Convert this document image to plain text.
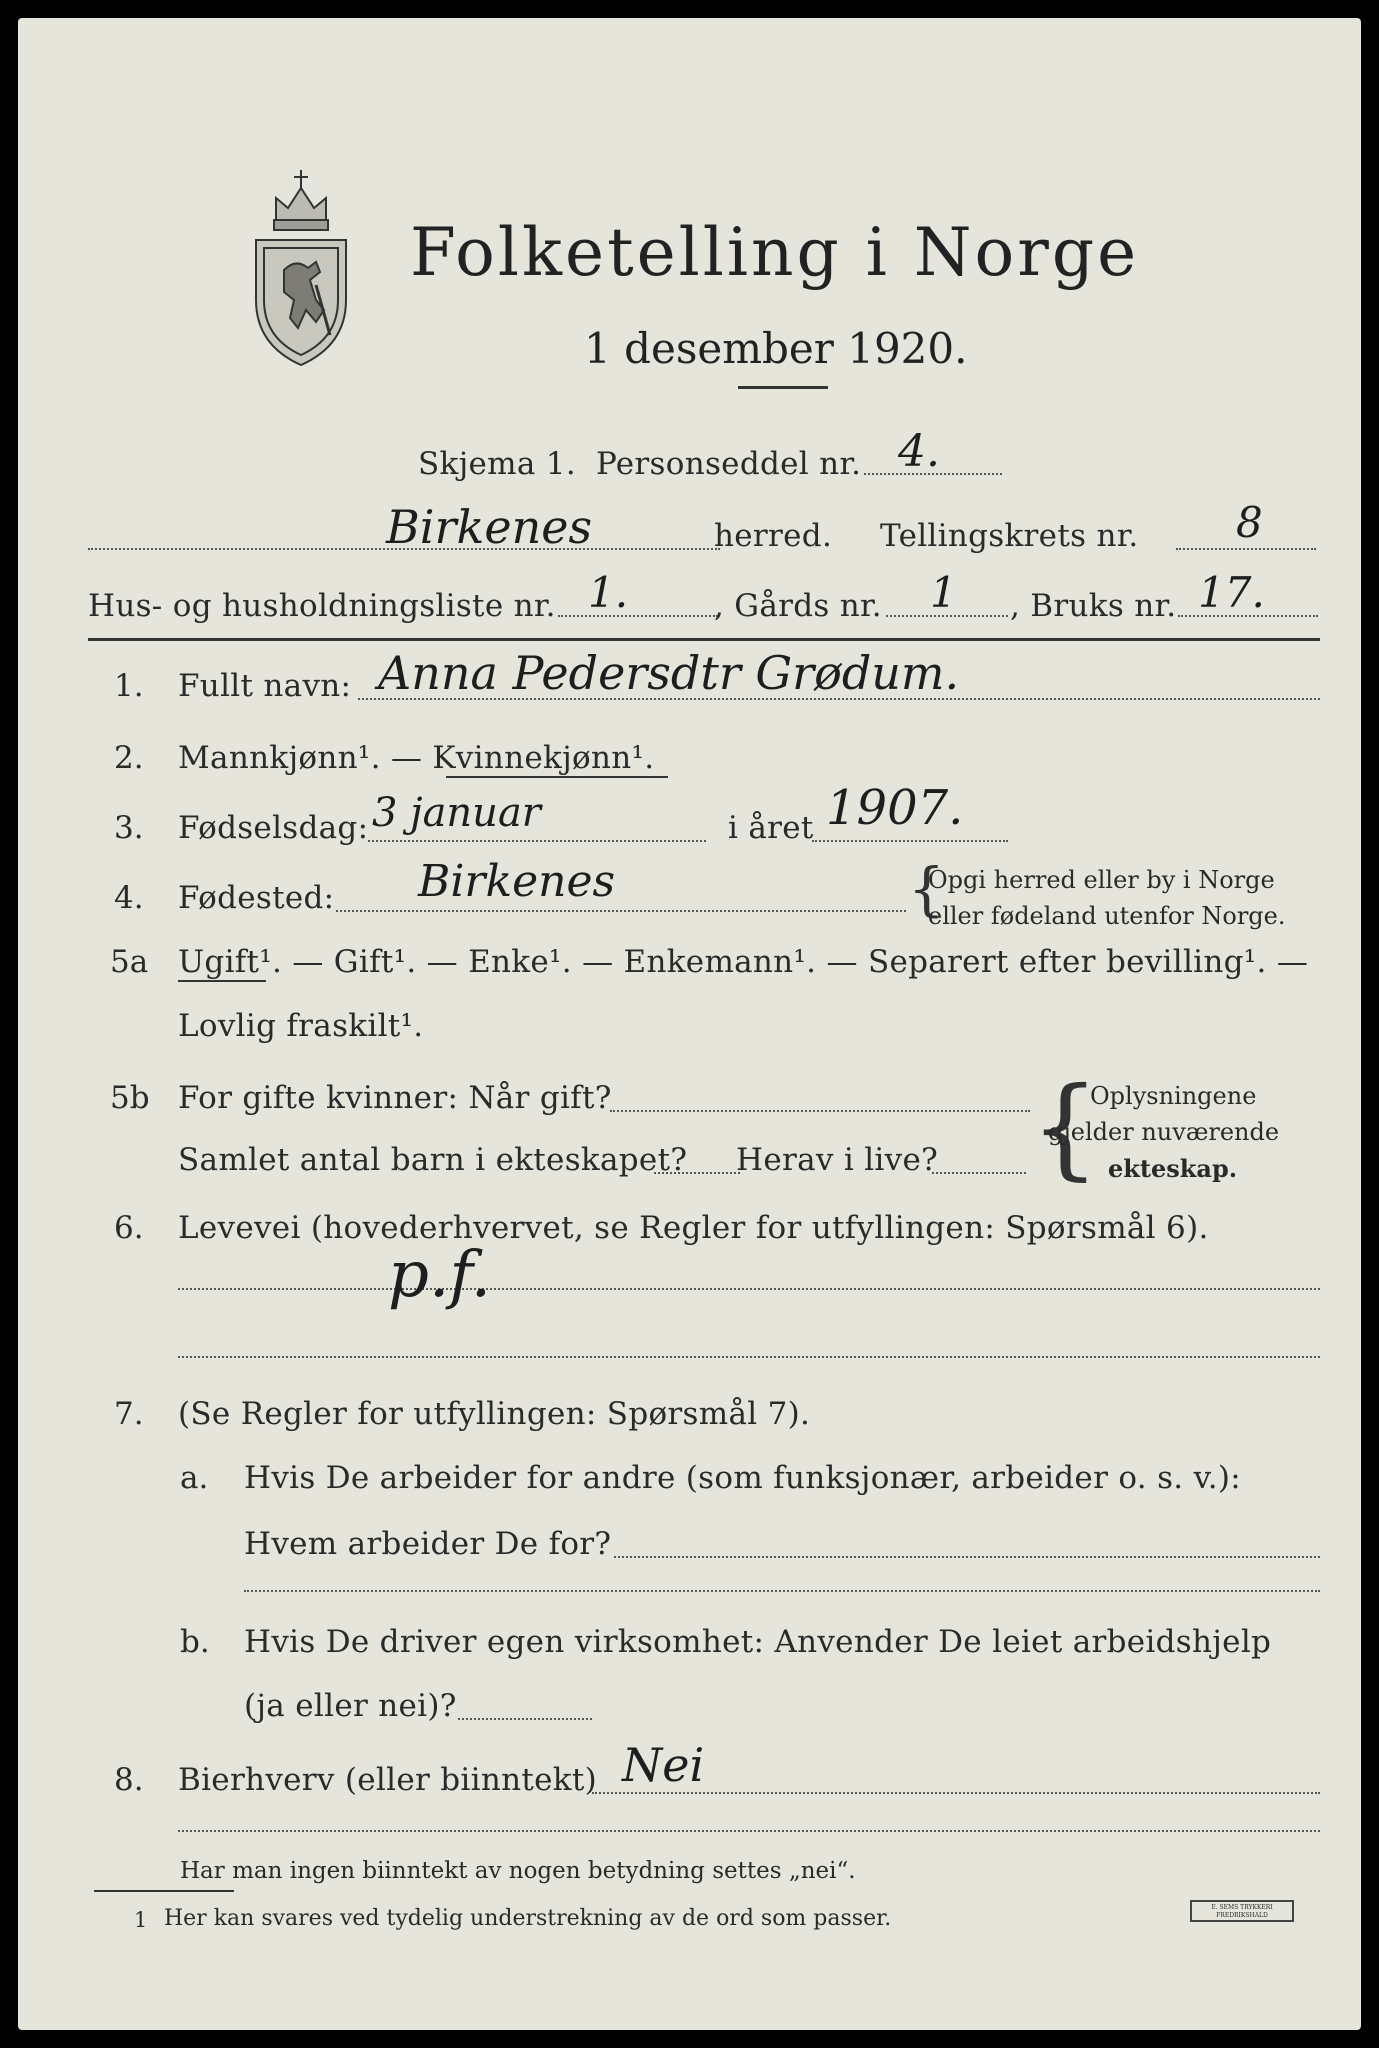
Folketelling i Norge
1 desember 1920.
Skjema 1. Personseddel nr. 4.
Birkenes	herred. Tellingskrets nr. 8
Hus- og husholdningsliste nr. 1.	, Gårds nr. 1 , Bruks nr. 17.
1. Fullt navn: Anna Pedersdtr Grødum.
2. Mannkjønn¹. — Kvinnekjønn¹.
3. Fødselsdag: 3 januar	i året 1907.
4. Fødested: Birkenes	{
Opgi herred eller by i Norge
eller fødeland utenfor Norge.
5a Ugift¹. — Gift¹. — Enke¹. — Enkemann¹. — Separert efter bevilling¹. —
Lovlig fraskilt¹.
5b For gifte kvinner: Når gift?
Samlet antal barn i ekteskapet? Herav i live? {
Oplysningene
gjelder nuværende
ekteskap.
6. Levevei (hovederhvervet, se Regler for utfyllingen: Spørsmål 6).
p.f.
7. (Se Regler for utfyllingen: Spørsmål 7).
a. Hvis De arbeider for andre (som funksjonær, arbeider o. s. v.):
Hvem arbeider De for?
b. Hvis De driver egen virksomhet: Anvender De leiet arbeidshjelp
(ja eller nei)?
8. Bierhverv (eller biinntekt) Nei
Har man ingen biinntekt av nogen betydning settes „nei“.
1 Her kan svares ved tydelig understrekning av de ord som passer.	E. SEMS TRYKKERI
FREDRIKSHALD
